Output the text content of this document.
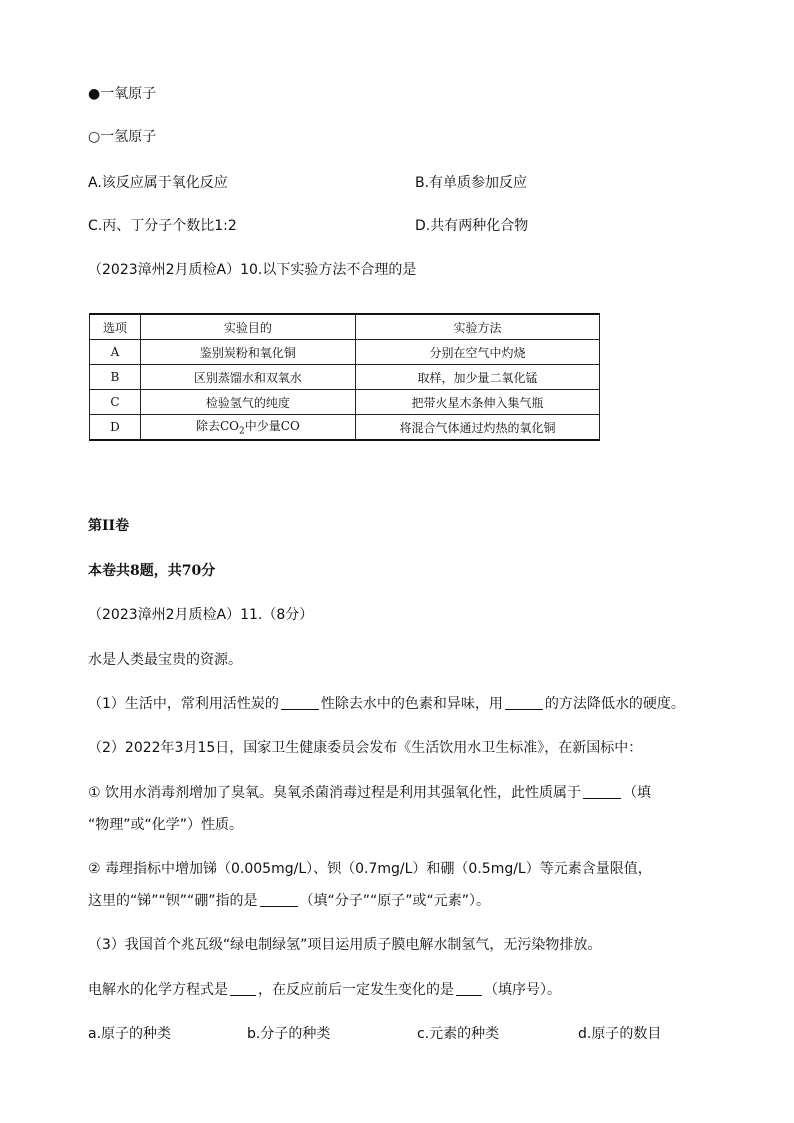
●一氧原子
○一氢原子
A.该反应属于氧化反应	B.有单质参加反应
C.丙、丁分子个数比1:2	D.共有两种化合物
（2023漳州2月质检A）10.以下实验方法不合理的是
选项	实验目的	实验方法
A	鉴别炭粉和氧化铜	分别在空气中灼烧
B	区别蒸馏水和双氧水	取样，加少量二氧化锰
C	检验氢气的纯度	把带火星木条伸入集气瓶
D	除去$CO_2$中少量CO	将混合气体通过灼热的氧化铜
第II卷
本卷共8题，共70分
（2023漳州2月质检A）11.（8分）
水是人类最宝贵的资源。
（1）生活中，常利用活性炭的	性除去水中的色素和异味，用	的方法降低水的硬度。
（2）2022年3月15日，国家卫生健康委员会发布《生活饮用水卫生标准》，在新国标中：
① 饮用水消毒剂增加了臭氧。臭氧杀菌消毒过程是利用其强氧化性，此性质属于	（填
“物理”或“化学”）性质。
② 毒理指标中增加锑（0.005mg/L）、钡（0.7mg/L）和硼（0.5mg/L）等元素含量限值，
这里的“锑”“钡”“硼”指的是	（填“分子”“原子”或“元素”）。
（3）我国首个兆瓦级“绿电制绿氢”项目运用质子膜电解水制氢气，无污染物排放。
电解水的化学方程式是 ，在反应前后一定发生变化的是 （填序号）。
a.原子的种类	b.分子的种类	c.元素的种类	d.原子的数目
